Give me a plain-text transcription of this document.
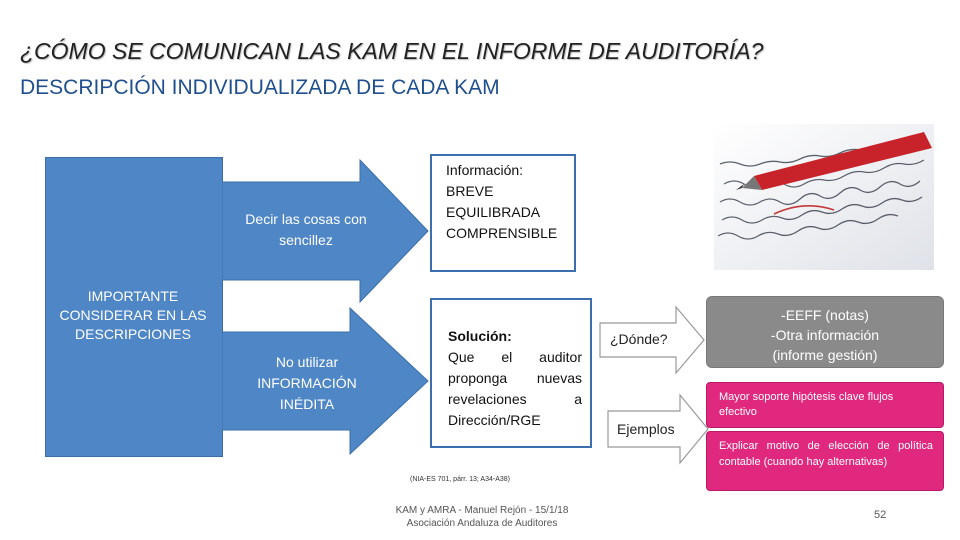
¿CÓMO SE COMUNICAN LAS KAM EN EL INFORME DE AUDITORÍA?
DESCRIPCIÓN INDIVIDUALIZADA DE CADA KAM
IMPORTANTE CONSIDERAR EN LAS DESCRIPCIONES
Decir las cosas con sencillez
No utilizar INFORMACIÓN INÉDITA
Información:
BREVE
EQUILIBRADA
COMPRENSIBLE
Solución:
Que el auditor proponga nuevas revelaciones a Dirección/RGE
(NIA-ES 701, párr. 13; A34-A38)
¿Dónde?
Ejemplos
-EEFF (notas)
-Otra información
(informe gestión)
Mayor soporte hipótesis clave flujos efectivo
Explicar motivo de elección de política contable (cuando hay alternativas)
KAM y AMRA - Manuel Rejón - 15/1/18
Asociación Andaluza de Auditores
52
